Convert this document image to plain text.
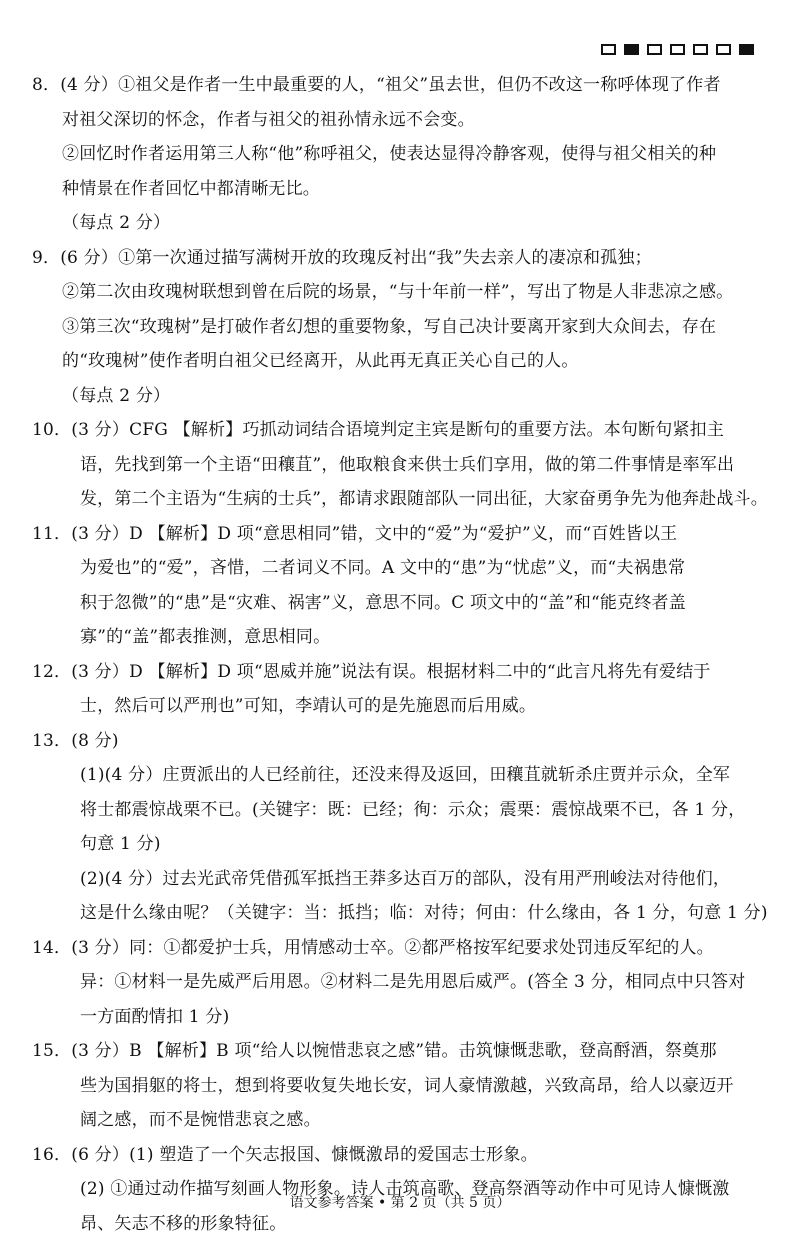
8．(4 分）①祖父是作者一生中最重要的人，“祖父”虽去世，但仍不改这一称呼体现了作者
对祖父深切的怀念，作者与祖父的祖孙情永远不会变。
②回忆时作者运用第三人称“他”称呼祖父，使表达显得冷静客观，使得与祖父相关的种
种情景在作者回忆中都清晰无比。
（每点 2 分）
9．(6 分）①第一次通过描写满树开放的玫瑰反衬出“我”失去亲人的凄凉和孤独；
②第二次由玫瑰树联想到曾在后院的场景，“与十年前一样”，写出了物是人非悲凉之感。
③第三次“玫瑰树”是打破作者幻想的重要物象，写自己决计要离开家到大众间去，存在
的“玫瑰树”使作者明白祖父已经离开，从此再无真正关心自己的人。
（每点 2 分）
10．(3 分）CFG 【解析】巧抓动词结合语境判定主宾是断句的重要方法。本句断句紧扣主
语，先找到第一个主语“田穰苴”，他取粮食来供士兵们享用，做的第二件事情是率军出
发，第二个主语为“生病的士兵”，都请求跟随部队一同出征，大家奋勇争先为他奔赴战斗。
11．(3 分）D 【解析】D 项“意思相同”错，文中的“爱”为“爱护”义，而“百姓皆以王
为爱也”的“爱”，吝惜，二者词义不同。A 文中的“患”为“忧虑”义，而“夫祸患常
积于忽微”的“患”是“灾难、祸害”义，意思不同。C 项文中的“盖”和“能克终者盖
寡”的“盖”都表推测，意思相同。
12．(3 分）D 【解析】D 项“恩威并施”说法有误。根据材料二中的“此言凡将先有爱结于
士，然后可以严刑也”可知，李靖认可的是先施恩而后用威。
13．(8 分)
(1)(4 分）庄贾派出的人已经前往，还没来得及返回，田穰苴就斩杀庄贾并示众，全军
将士都震惊战栗不已。(关键字：既：已经；徇：示众；震栗：震惊战栗不已，各 1 分，
句意 1 分)
(2)(4 分）过去光武帝凭借孤军抵挡王莽多达百万的部队，没有用严刑峻法对待他们，
这是什么缘由呢？（关键字：当：抵挡；临：对待；何由：什么缘由，各 1 分，句意 1 分)
14．(3 分）同：①都爱护士兵，用情感动士卒。②都严格按军纪要求处罚违反军纪的人。
异：①材料一是先威严后用恩。②材料二是先用恩后威严。(答全 3 分，相同点中只答对
一方面酌情扣 1 分)
15．(3 分）B 【解析】B 项“给人以惋惜悲哀之感”错。击筑慷慨悲歌，登高酹酒，祭奠那
些为国捐躯的将士，想到将要收复失地长安，词人豪情激越，兴致高昂，给人以豪迈开
阔之感，而不是惋惜悲哀之感。
16．(6 分）(1) 塑造了一个矢志报国、慷慨激昂的爱国志士形象。
(2) ①通过动作描写刻画人物形象。诗人击筑高歌、登高祭酒等动作中可见诗人慷慨激
昂、矢志不移的形象特征。
语文参考答案 • 第 2 页（共 5 页）
